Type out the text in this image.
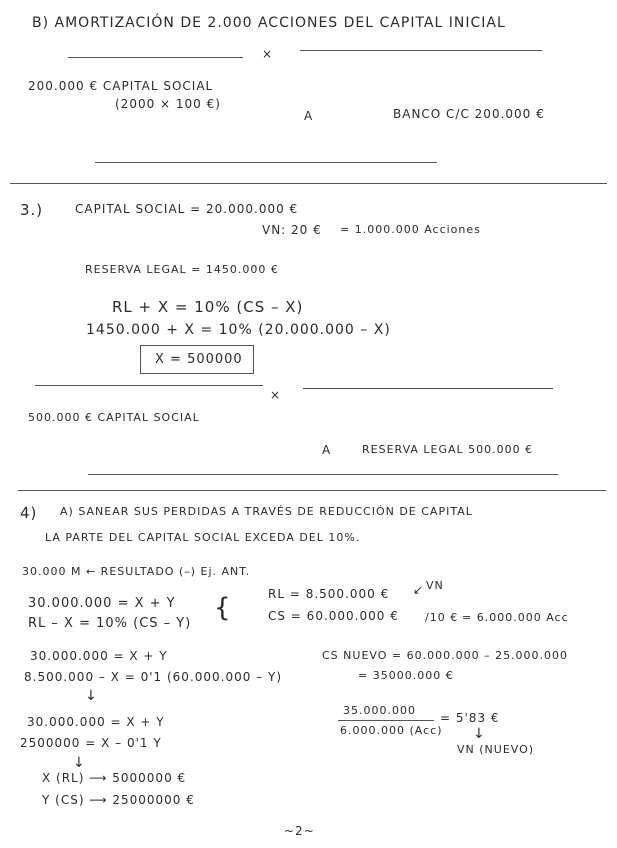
B) AMORTIZACIÓN DE 2.000 ACCIONES DEL CAPITAL INICIAL
×
200.000 € CAPITAL SOCIAL
(2000 × 100 €)
A	BANCO C/C 200.000 €
3.)	CAPITAL SOCIAL = 20.000.000 €
VN: 20 € = 1.000.000 Acciones
RESERVA LEGAL = 1450.000 €
RL + X = 10% (CS – X)
1450.000 + X = 10% (20.000.000 – X)
X = 500000
×
500.000 € CAPITAL SOCIAL
A	RESERVA LEGAL 500.000 €
4) A) SANEAR SUS PERDIDAS A TRAVÉS DE REDUCCIÓN DE CAPITAL
LA PARTE DEL CAPITAL SOCIAL EXCEDA DEL 10%.
30.000 M ← RESULTADO (–) Ej. ANT.
30.000.000 = X + Y
RL – X = 10% (CS – Y)
{
VN
RL = 8.500.000 €
CS = 60.000.000 € /10 € = 6.000.000 Acc
30.000.000 = X + Y
8.500.000 – X = 0'1 (60.000.000 – Y)
CS NUEVO = 60.000.000 – 25.000.000
= 35000.000 €
↓
30.000.000 = X + Y
2500000 = X – 0'1 Y
35.000.000
6.000.000 (Acc)
= 5'83 €
↓
VN (NUEVO)
↓
X (RL) ⟶ 5000000 €
Y (CS) ⟶ 25000000 €
↙
~2~
